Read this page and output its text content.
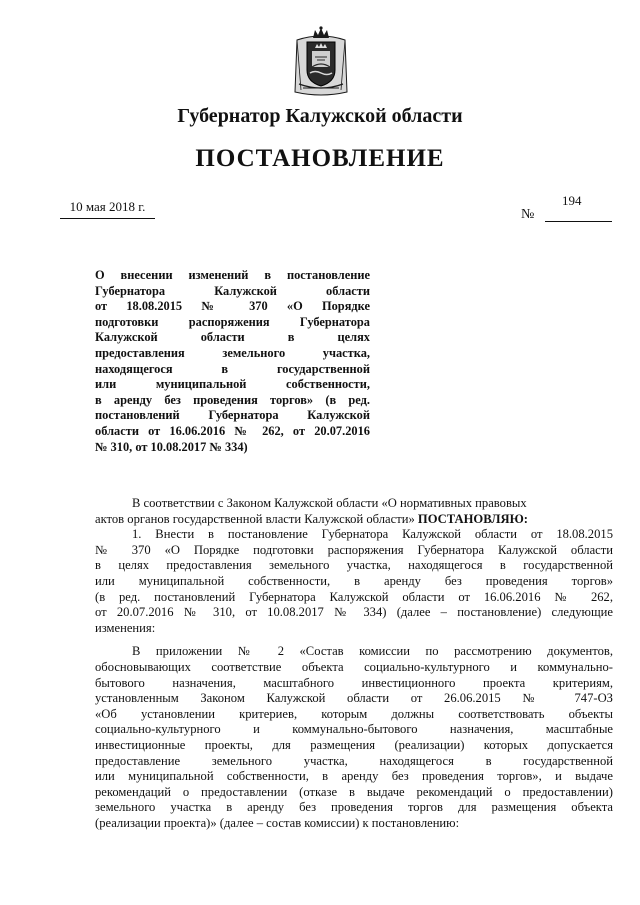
Губернатор Калужской области
ПОСТАНОВЛЕНИЕ
10 мая 2018 г.	194
№
О внесении изменений в постановление
Губернатора Калужской области
от 18.08.2015 № 370 «О Порядке
подготовки распоряжения Губернатора
Калужской области в целях
предоставления земельного участка,
находящегося в государственной
или муниципальной собственности,
в аренду без проведения торгов» (в ред.
постановлений Губернатора Калужской
области от 16.06.2016 № 262, от 20.07.2016
№ 310, от 10.08.2017 № 334)
В соответствии с Законом Калужской области «О нормативных правовых
актов органов государственной власти Калужской области» ПОСТАНОВЛЯЮ:
1. Внести в постановление Губернатора Калужской области от 18.08.2015
№ 370 «О Порядке подготовки распоряжения Губернатора Калужской области
в целях предоставления земельного участка, находящегося в государственной
или муниципальной собственности, в аренду без проведения торгов»
(в ред. постановлений Губернатора Калужской области от 16.06.2016 № 262,
от 20.07.2016 № 310, от 10.08.2017 № 334) (далее – постановление) следующие
изменения:
В приложении № 2 «Состав комиссии по рассмотрению документов,
обосновывающих соответствие объекта социально-культурного и коммунально-
бытового назначения, масштабного инвестиционного проекта критериям,
установленным Законом Калужской области от 26.06.2015 № 747-ОЗ
«Об установлении критериев, которым должны соответствовать объекты
социально-культурного и коммунально-бытового назначения, масштабные
инвестиционные проекты, для размещения (реализации) которых допускается
предоставление земельного участка, находящегося в государственной
или муниципальной собственности, в аренду без проведения торгов», и выдаче
рекомендаций о предоставлении (отказе в выдаче рекомендаций о предоставлении)
земельного участка в аренду без проведения торгов для размещения объекта
(реализации проекта)» (далее – состав комиссии) к постановлению:
